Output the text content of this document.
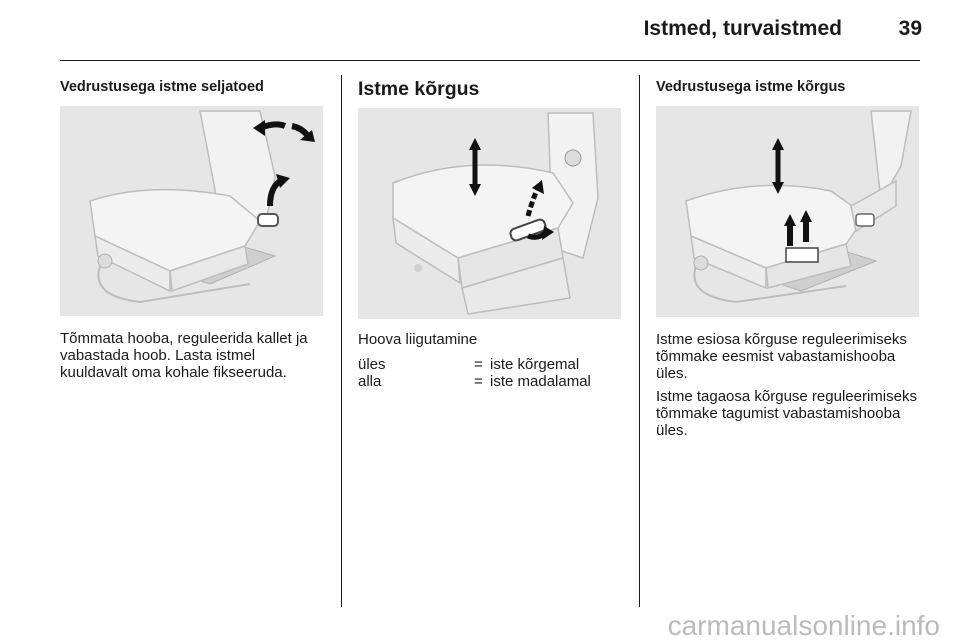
Istmed, turvaistmed	39

Vedrustusega istme seljatoed

Tõmmata hooba, reguleerida kallet ja vabastada hoob. Lasta istmel kuuldavalt oma kohale fikseeruda.

Istme kõrgus

Hoova liigutamine

üles	=	iste kõrgemal
alla	=	iste madalamal

Vedrustusega istme kõrgus

Istme esiosa kõrguse reguleerimiseks tõmmake eesmist vabastamishooba üles.

Istme tagaosa kõrguse reguleerimiseks tõmmake tagumist vabastamishooba üles.

carmanualsonline.info
